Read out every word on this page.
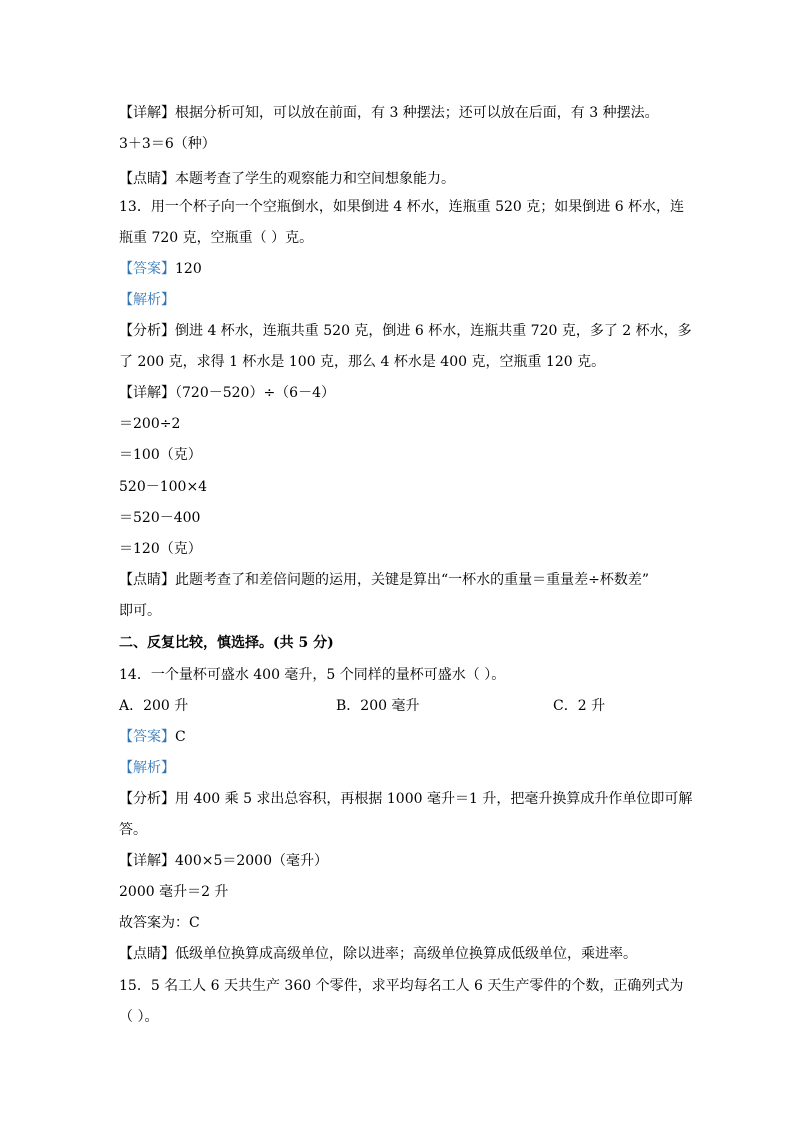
【详解】根据分析可知，可以放在前面，有 3 种摆法；还可以放在后面，有 3 种摆法。
3＋3＝6（种）
【点睛】本题考查了学生的观察能力和空间想象能力。
13．用一个杯子向一个空瓶倒水，如果倒进 4 杯水，连瓶重 520 克；如果倒进 6 杯水，连
瓶重 720 克，空瓶重（ ）克。
【答案】120
【解析】
【分析】倒进 4 杯水，连瓶共重 520 克，倒进 6 杯水，连瓶共重 720 克，多了 2 杯水，多
了 200 克，求得 1 杯水是 100 克，那么 4 杯水是 400 克，空瓶重 120 克。
【详解】（720－520）÷（6－4）
＝200÷2
＝100（克）
520－100×4
＝520－400
＝120（克）
【点睛】此题考查了和差倍问题的运用，关键是算出“一杯水的重量＝重量差÷杯数差”
即可。
二、反复比较，慎选择。(共 5 分)
14．一个量杯可盛水 400 毫升，5 个同样的量杯可盛水（ ）。
A．200 升	B．200 毫升	C．2 升
【答案】C
【解析】
【分析】用 400 乘 5 求出总容积，再根据 1000 毫升＝1 升，把毫升换算成升作单位即可解
答。
【详解】400×5＝2000（毫升）
2000 毫升＝2 升
故答案为：C
【点睛】低级单位换算成高级单位，除以进率；高级单位换算成低级单位，乘进率。
15．5 名工人 6 天共生产 360 个零件，求平均每名工人 6 天生产零件的个数，正确列式为
（ ）。
